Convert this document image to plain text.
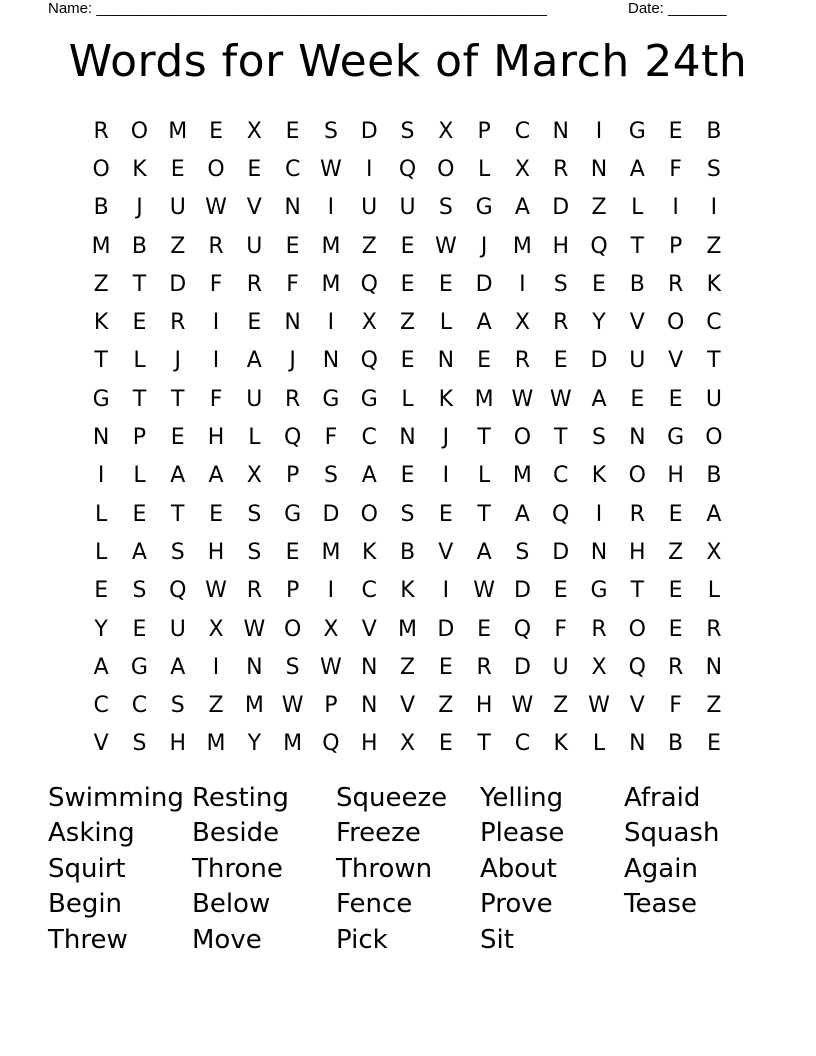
Name: ______________________________________________________	Date: _______
Words for Week of March 24th
R O M E	X	E	S	D	S	X	P	C	N	I	G	E	B
O	K	E	O	E	C W	I	Q O	L	X	R	N	A	F	S
B	J	U W V	N	I	U	U	S	G	A	D	Z	L	I	I
M B	Z	R	U	E M Z	E W	J	M H Q	T	P	Z
Z	T	D	F	R	F	M Q	E	E	D	I	S	E	B	R	K
K	E	R	I	E	N	I	X	Z	L	A	X	R	Y	V	O C
T	L	J	I	A	J	N Q	E	N	E	R	E	D U	V	T
G	T	T	F	U	R	G G	L	K M W W A	E	E	U
N	P	E	H	L	Q	F	C	N	J	T	O	T	S	N G O
I	L	A	A	X	P	S	A	E	I	L	M C	K	O H	B
L	E	T	E	S	G D O	S	E	T	A	Q	I	R	E	A
L	A	S	H	S	E M K	B	V	A	S	D N H	Z	X
E	S	Q W R	P	I	C	K	I	W D	E	G	T	E	L
Y	E	U	X W O	X	V M D	E	Q	F	R O	E	R
A	G	A	I	N	S W N	Z	E	R	D U	X	Q R	N
C	C	S	Z M W P	N	V	Z	H W Z W V	F	Z
V	S	H M	Y	M Q H	X	E	T	C	K	L	N	B	E
Swimming Resting	Squeeze	Yelling	Afraid
Asking	Beside	Freeze	Please	Squash
Squirt	Throne	Thrown	About	Again
Begin	Below	Fence	Prove	Tease
Threw	Move	Pick	Sit
